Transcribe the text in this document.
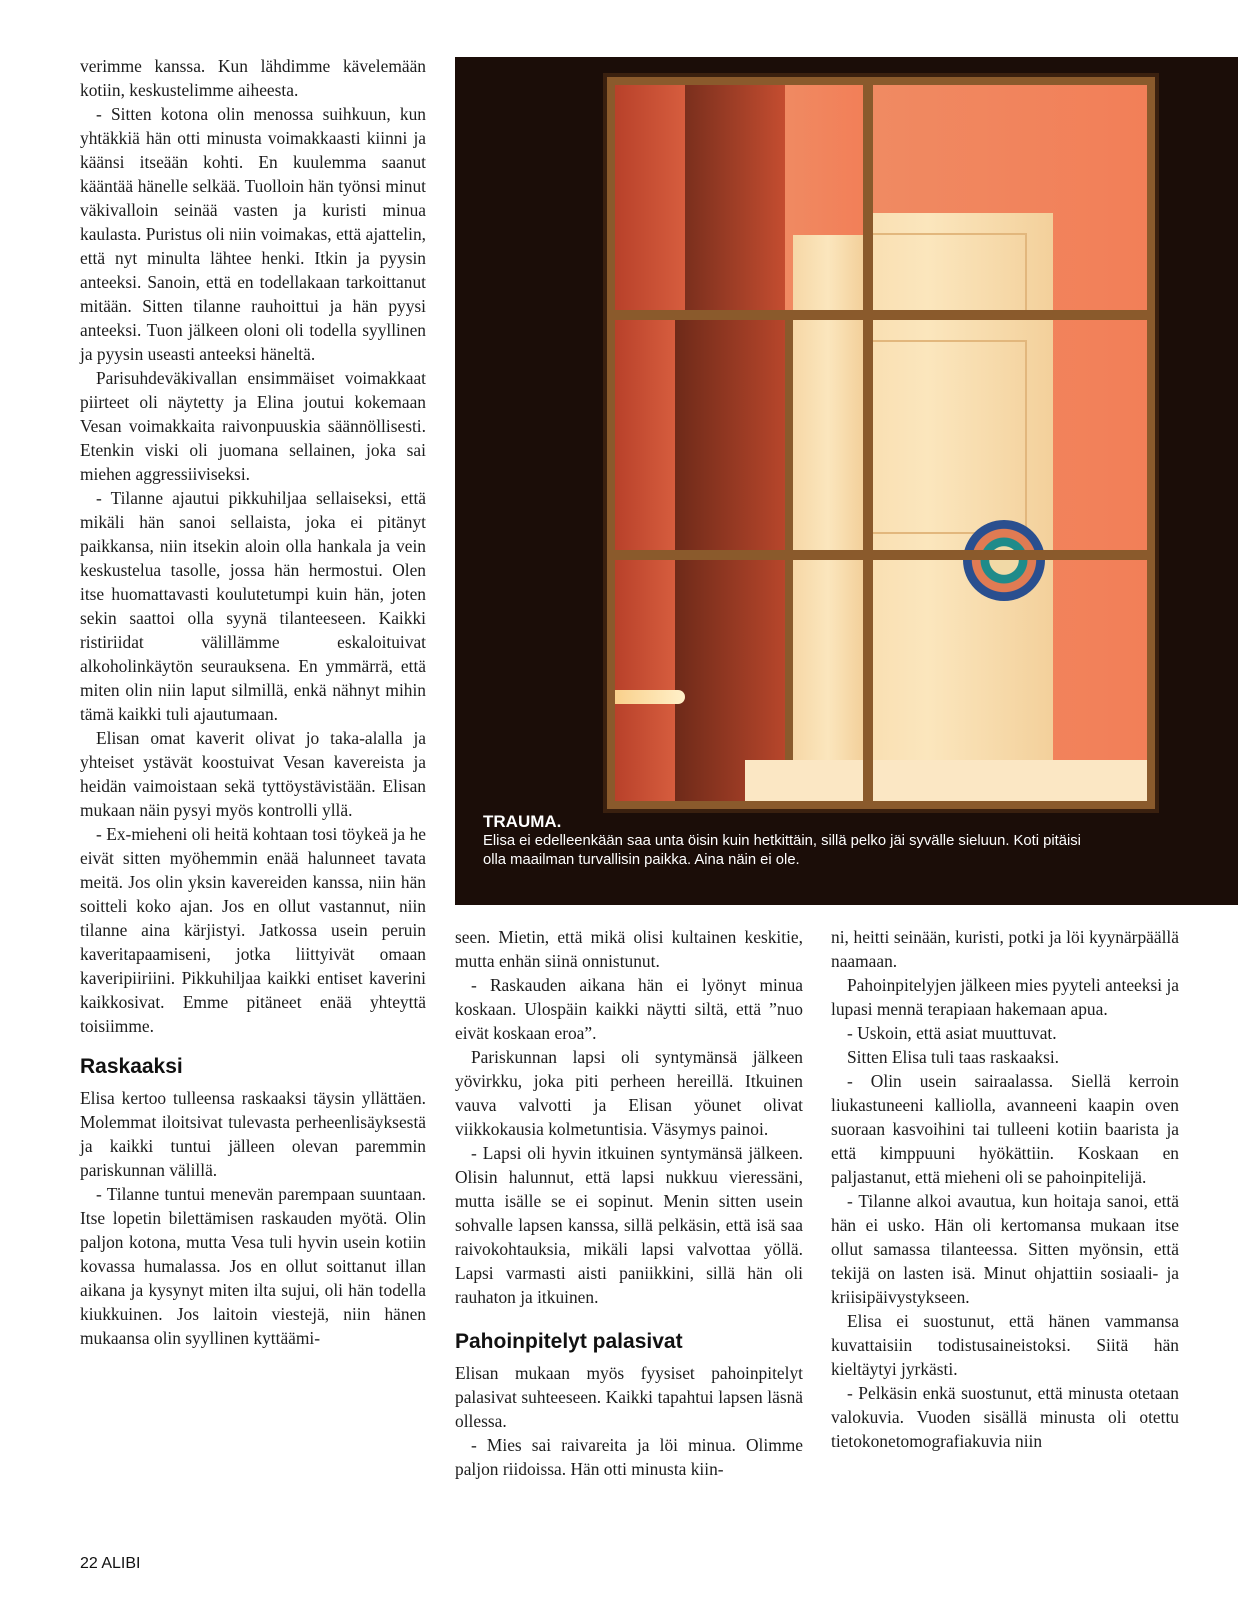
verimme kanssa. Kun lähdimme kävelemään kotiin, keskustelimme aiheesta.

- Sitten kotona olin menossa suihkuun, kun yhtäkkiä hän otti minusta voimakkaasti kiinni ja käänsi itseään kohti. En kuulemma saanut kääntää hänelle selkää. Tuolloin hän työnsi minut väkivalloin seinää vasten ja kuristi minua kaulasta. Puristus oli niin voimakas, että ajattelin, että nyt minulta lähtee henki. Itkin ja pyysin anteeksi. Sanoin, että en todellakaan tarkoittanut mitään. Sitten tilanne rauhoittui ja hän pyysi anteeksi. Tuon jälkeen oloni oli todella syyllinen ja pyysin useasti anteeksi häneltä.

Parisuhdeväkivallan ensimmäiset voimakkaat piirteet oli näytetty ja Elina joutui kokemaan Vesan voimakkaita raivonpuuskia säännöllisesti. Etenkin viski oli juomana sellainen, joka sai miehen aggressiiviseksi.

- Tilanne ajautui pikkuhiljaa sellaiseksi, että mikäli hän sanoi sellaista, joka ei pitänyt paikkansa, niin itsekin aloin olla hankala ja vein keskustelua tasolle, jossa hän hermostui. Olen itse huomattavasti koulutetumpi kuin hän, joten sekin saattoi olla syynä tilanteeseen. Kaikki ristiriidat välillämme eskaloituivat alkoholinkäytön seurauksena. En ymmärrä, että miten olin niin laput silmillä, enkä nähnyt mihin tämä kaikki tuli ajautumaan.

Elisan omat kaverit olivat jo taka-alalla ja yhteiset ystävät koostuivat Vesan kavereista ja heidän vaimoistaan sekä tyttöystävistään. Elisan mukaan näin pysyi myös kontrolli yllä.

- Ex-mieheni oli heitä kohtaan tosi töykeä ja he eivät sitten myöhemmin enää halunneet tavata meitä. Jos olin yksin kavereiden kanssa, niin hän soitteli koko ajan. Jos en ollut vastannut, niin tilanne aina kärjistyi. Jatkossa usein peruin kaveritapaamiseni, jotka liittyivät omaan kaveripiiriini. Pikkuhiljaa kaikki entiset kaverini kaikkosivat. Emme pitäneet enää yhteyttä toisiimme.

Raskaaksi

Elisa kertoo tulleensa raskaaksi täysin yllättäen. Molemmat iloitsivat tulevasta perheenlisäyksestä ja kaikki tuntui jälleen olevan paremmin pariskunnan välillä.

- Tilanne tuntui menevän parempaan suuntaan. Itse lopetin bilettämisen raskauden myötä. Olin paljon kotona, mutta Vesa tuli hyvin usein kotiin kovassa humalassa. Jos en ollut soittanut illan aikana ja kysynyt miten ilta sujui, oli hän todella kiukkuinen. Jos laitoin viestejä, niin hänen mukaansa olin syyllinen kyttäämi-

TRAUMA.
Elisa ei edelleenkään saa unta öisin kuin hetkittäin, sillä pelko jäi syvälle sieluun. Koti pitäisi olla maailman turvallisin paikka. Aina näin ei ole.

seen. Mietin, että mikä olisi kultainen keskitie, mutta enhän siinä onnistunut.

- Raskauden aikana hän ei lyönyt minua koskaan. Ulospäin kaikki näytti siltä, että ”nuo eivät koskaan eroa”.

Pariskunnan lapsi oli syntymänsä jälkeen yövirkku, joka piti perheen hereillä. Itkuinen vauva valvotti ja Elisan yöunet olivat viikkokausia kolmetuntisia. Väsymys painoi.

- Lapsi oli hyvin itkuinen syntymänsä jälkeen. Olisin halunnut, että lapsi nukkuu vieressäni, mutta isälle se ei sopinut. Menin sitten usein sohvalle lapsen kanssa, sillä pelkäsin, että isä saa raivokohtauksia, mikäli lapsi valvottaa yöllä. Lapsi varmasti aisti paniikkini, sillä hän oli rauhaton ja itkuinen.

Pahoinpitelyt palasivat

Elisan mukaan myös fyysiset pahoinpitelyt palasivat suhteeseen. Kaikki tapahtui lapsen läsnä ollessa.

- Mies sai raivareita ja löi minua. Olimme paljon riidoissa. Hän otti minusta kiin-

ni, heitti seinään, kuristi, potki ja löi kyynärpäällä naamaan.

Pahoinpitelyjen jälkeen mies pyyteli anteeksi ja lupasi mennä terapiaan hakemaan apua.

- Uskoin, että asiat muuttuvat.

Sitten Elisa tuli taas raskaaksi.

- Olin usein sairaalassa. Siellä kerroin liukastuneeni kalliolla, avanneeni kaapin oven suoraan kasvoihini tai tulleeni kotiin baarista ja että kimppuuni hyökättiin. Koskaan en paljastanut, että mieheni oli se pahoinpitelijä.

- Tilanne alkoi avautua, kun hoitaja sanoi, että hän ei usko. Hän oli kertomansa mukaan itse ollut samassa tilanteessa. Sitten myönsin, että tekijä on lasten isä. Minut ohjattiin sosiaali- ja kriisipäivystykseen.

Elisa ei suostunut, että hänen vammansa kuvattaisiin todistusaineistoksi. Siitä hän kieltäytyi jyrkästi.

- Pelkäsin enkä suostunut, että minusta otetaan valokuvia. Vuoden sisällä minusta oli otettu tietokonetomografiakuvia niin

22 ALIBI
